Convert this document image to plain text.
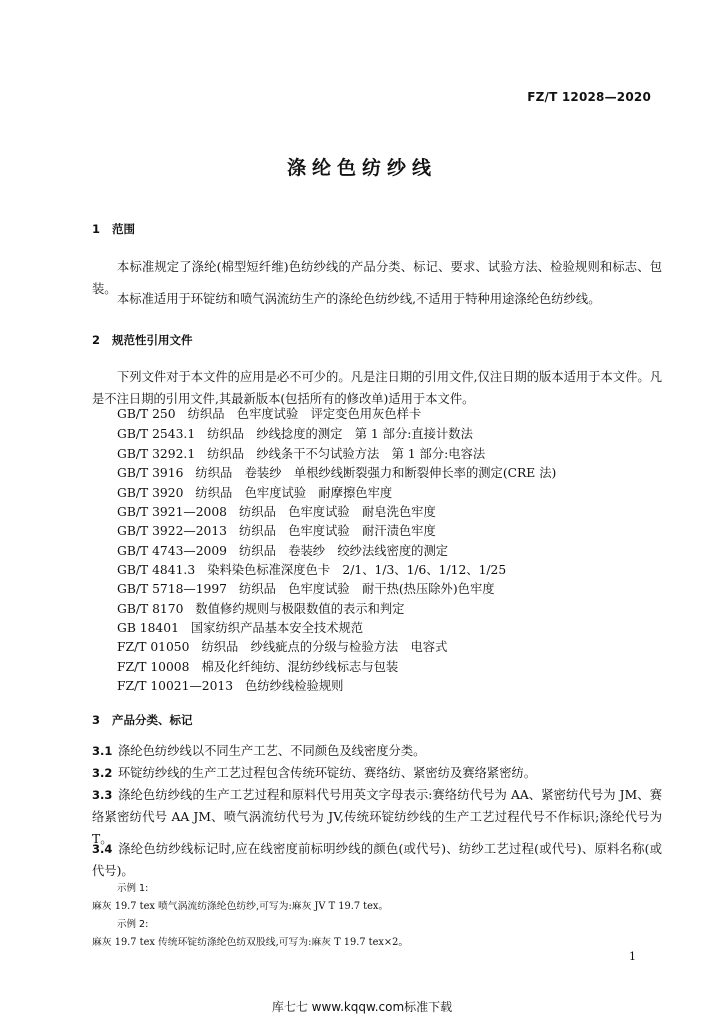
FZ/T 12028—2020
涤纶色纺纱线
1 范围
本标准规定了涤纶(棉型短纤维)色纺纱线的产品分类、标记、要求、试验方法、检验规则和标志、包装。
本标准适用于环锭纺和喷气涡流纺生产的涤纶色纺纱线,不适用于特种用途涤纶色纺纱线。
2 规范性引用文件
下列文件对于本文件的应用是必不可少的。凡是注日期的引用文件,仅注日期的版本适用于本文件。凡是不注日期的引用文件,其最新版本(包括所有的修改单)适用于本文件。
GB/T 250 纺织品　色牢度试验　评定变色用灰色样卡
GB/T 2543.1 纺织品　纱线捻度的测定　第 1 部分:直接计数法
GB/T 3292.1 纺织品　纱线条干不匀试验方法　第 1 部分:电容法
GB/T 3916 纺织品　卷装纱　单根纱线断裂强力和断裂伸长率的测定(CRE 法)
GB/T 3920 纺织品　色牢度试验　耐摩擦色牢度
GB/T 3921—2008 纺织品　色牢度试验　耐皂洗色牢度
GB/T 3922—2013 纺织品　色牢度试验　耐汗渍色牢度
GB/T 4743—2009 纺织品　卷装纱　绞纱法线密度的测定
GB/T 4841.3 染料染色标准深度色卡　2/1、1/3、1/6、1/12、1/25
GB/T 5718—1997 纺织品　色牢度试验　耐干热(热压除外)色牢度
GB/T 8170 数值修约规则与极限数值的表示和判定
GB 18401 国家纺织产品基本安全技术规范
FZ/T 01050 纺织品　纱线疵点的分级与检验方法　电容式
FZ/T 10008 棉及化纤纯纺、混纺纱线标志与包装
FZ/T 10021—2013 色纺纱线检验规则
3 产品分类、标记
3.1 涤纶色纺纱线以不同生产工艺、不同颜色及线密度分类。
3.2 环锭纺纱线的生产工艺过程包含传统环锭纺、赛络纺、紧密纺及赛络紧密纺。
3.3 涤纶色纺纱线的生产工艺过程和原料代号用英文字母表示:赛络纺代号为 AA、紧密纺代号为 JM、赛络紧密纺代号 AA JM、喷气涡流纺代号为 JV,传统环锭纺纱线的生产工艺过程代号不作标识;涤纶代号为 T。
3.4 涤纶色纺纱线标记时,应在线密度前标明纱线的颜色(或代号)、纺纱工艺过程(或代号)、原料名称(或代号)。
示例 1:
麻灰 19.7 tex 喷气涡流纺涤纶色纺纱,可写为:麻灰 JV T 19.7 tex。
示例 2:
麻灰 19.7 tex 传统环锭纺涤纶色纺双股线,可写为:麻灰 T 19.7 tex×2。
1
库七七 www.kqqw.com标准下载
